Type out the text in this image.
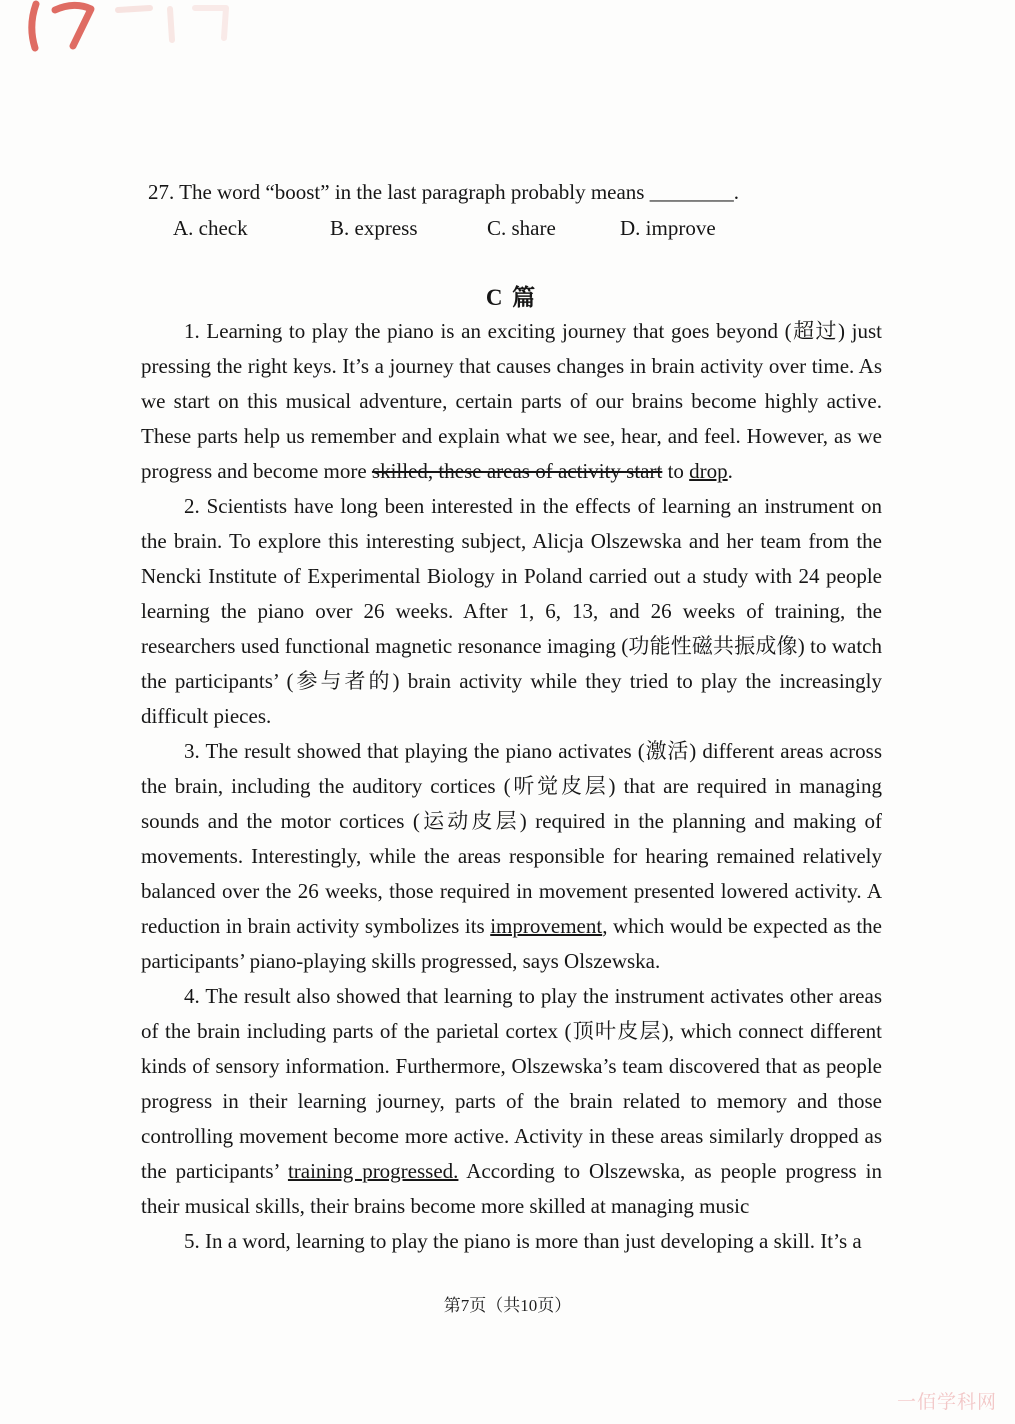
27. The word “boost” in the last paragraph probably means ________.
A. check	B. express	C. share	D. improve
C 篇

1. Learning to play the piano is an exciting journey that goes beyond (超过) just pressing the right keys. It’s a journey that causes changes in brain activity over time. As we start on this musical adventure, certain parts of our brains become highly active. These parts help us remember and explain what we see, hear, and feel. However, as we progress and become more skilled, these areas of activity start to drop.

2. Scientists have long been interested in the effects of learning an instrument on the brain. To explore this interesting subject, Alicja Olszewska and her team from the Nencki Institute of Experimental Biology in Poland carried out a study with 24 people learning the piano over 26 weeks. After 1, 6, 13, and 26 weeks of training, the researchers used functional magnetic resonance imaging (功能性磁共振成像) to watch the participants’ (参与者的) brain activity while they tried to play the increasingly difficult pieces.

3. The result showed that playing the piano activates (激活) different areas across the brain, including the auditory cortices (听觉皮层) that are required in managing sounds and the motor cortices (运动皮层) required in the planning and making of movements. Interestingly, while the areas responsible for hearing remained relatively balanced over the 26 weeks, those required in movement presented lowered activity. A reduction in brain activity symbolizes its improvement, which would be expected as the participants’ piano-playing skills progressed, says Olszewska.

4. The result also showed that learning to play the instrument activates other areas of the brain including parts of the parietal cortex (顶叶皮层), which connect different kinds of sensory information. Furthermore, Olszewska’s team discovered that as people progress in their learning journey, parts of the brain related to memory and those controlling movement become more active. Activity in these areas similarly dropped as the participants’ training progressed. According to Olszewska, as people progress in their musical skills, their brains become more skilled at managing music

5. In a word, learning to play the piano is more than just developing a skill. It’s a

第7页（共10页）
一佰学科网
